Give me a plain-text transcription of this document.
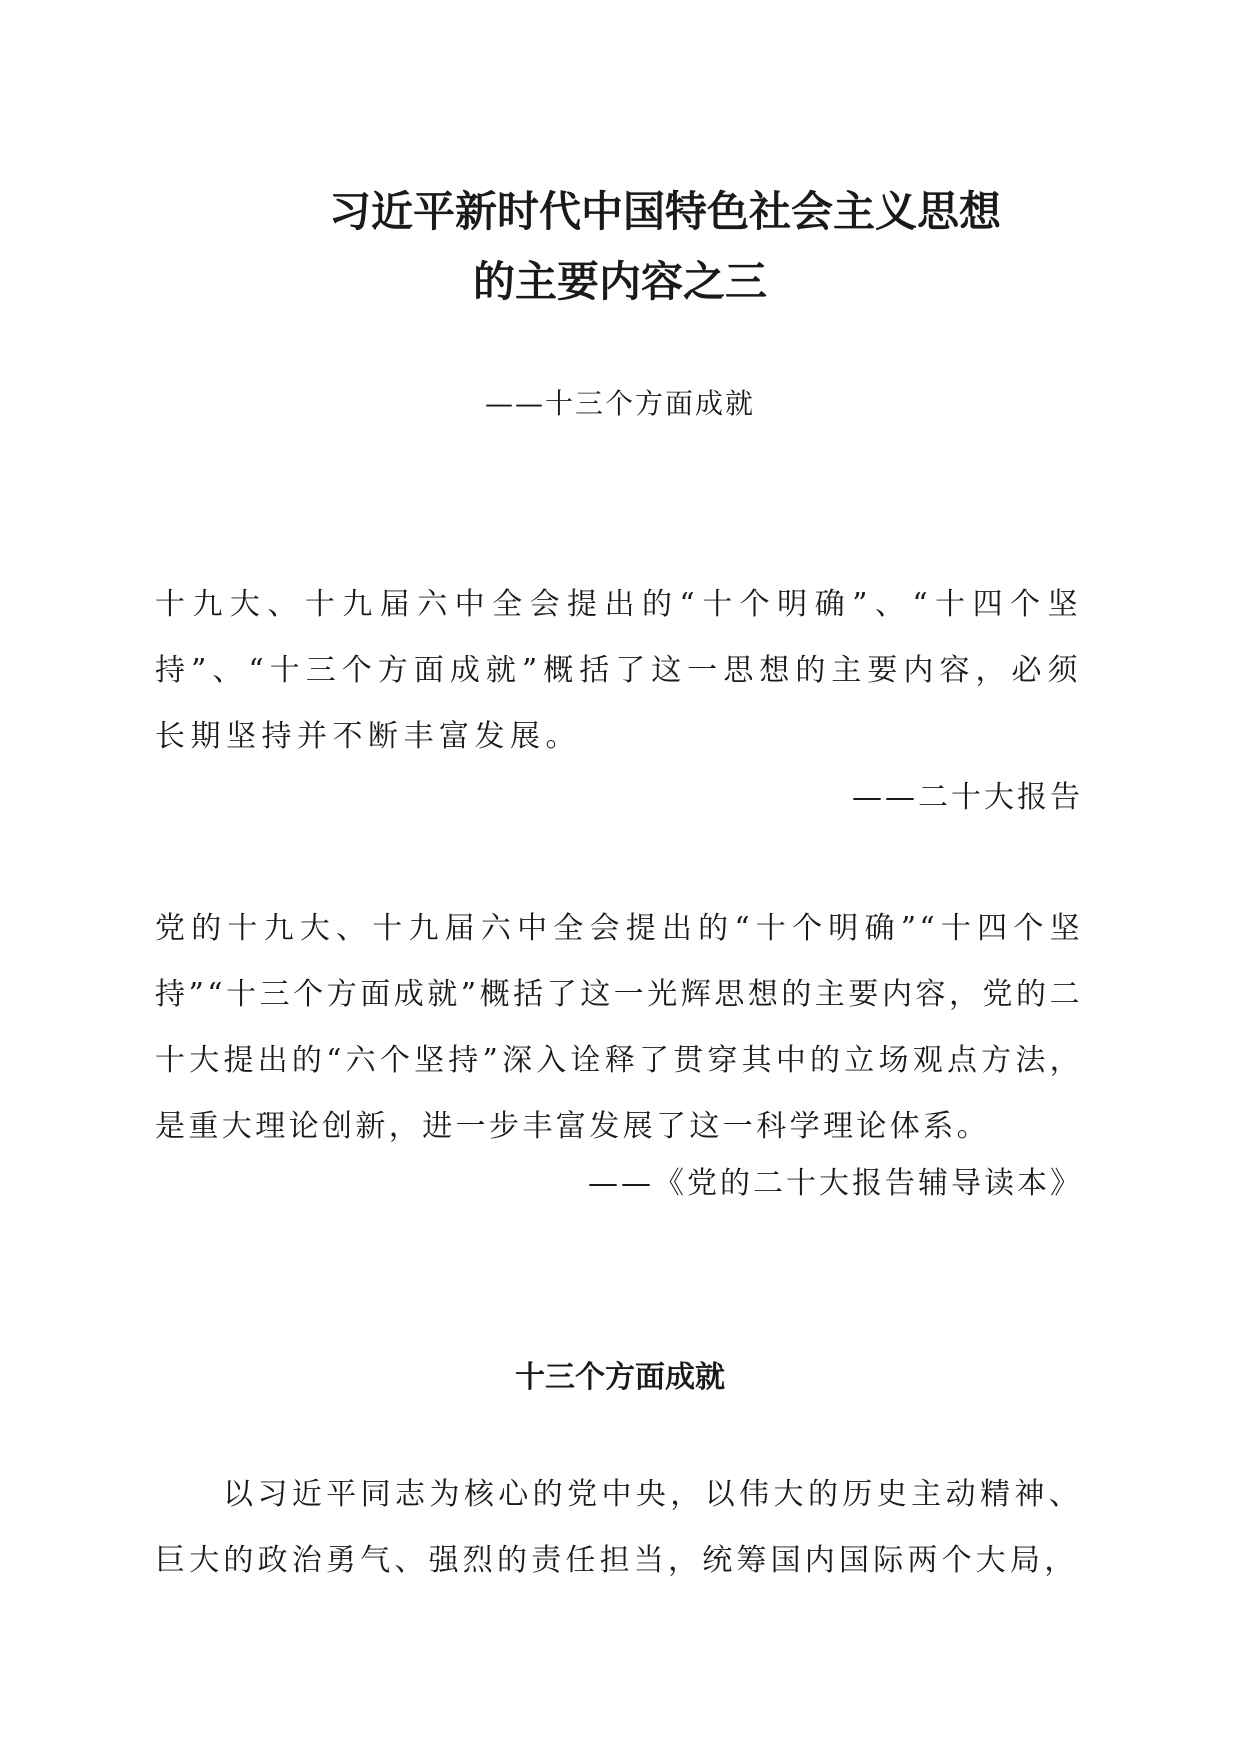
习近平新时代中国特色社会主义思想
的主要内容之三
——十三个方面成就

十九大、十九届六中全会提出的“十个明确”、“十四个坚持”、“十三个方面成就”概括了这一思想的主要内容，必须长期坚持并不断丰富发展。

——二十大报告

党的十九大、十九届六中全会提出的“十个明确”“十四个坚持”“十三个方面成就”概括了这一光辉思想的主要内容，党的二十大提出的“六个坚持”深入诠释了贯穿其中的立场观点方法，是重大理论创新，进一步丰富发展了这一科学理论体系。

——《党的二十大报告辅导读本》
十三个方面成就

以习近平同志为核心的党中央，以伟大的历史主动精神、巨大的政治勇气、强烈的责任担当，统筹国内国际两个大局，
